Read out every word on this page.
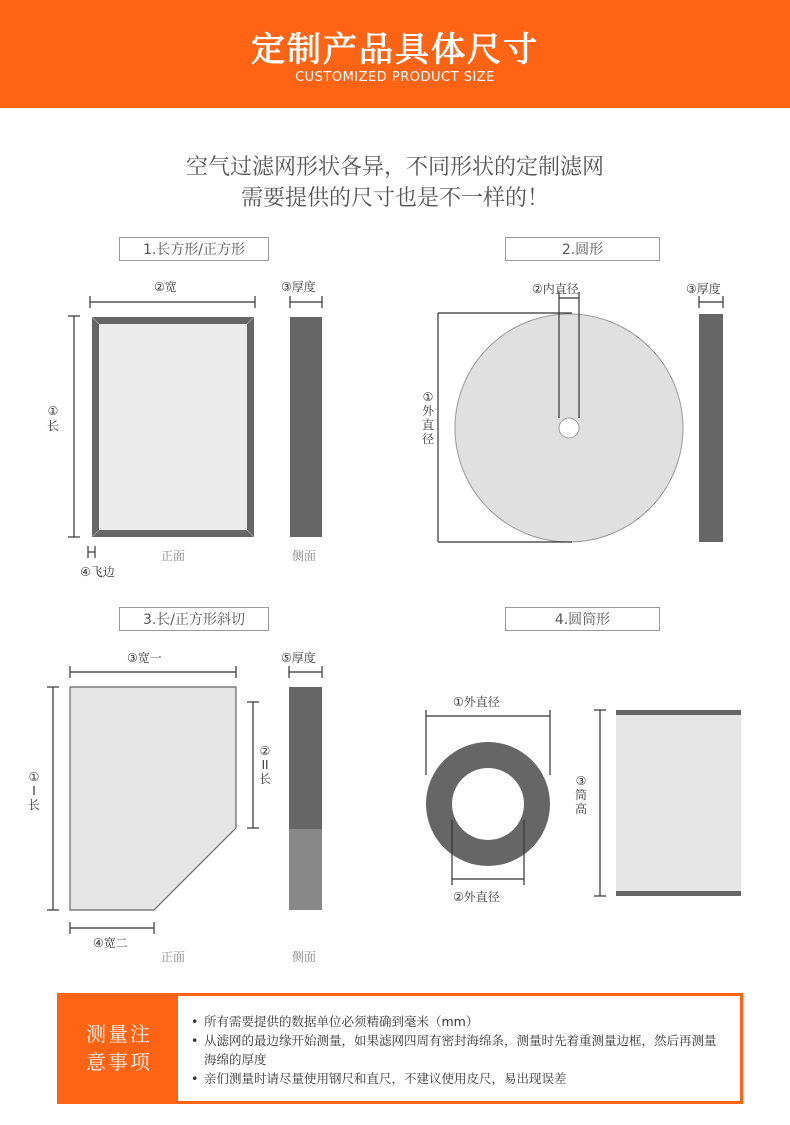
定制产品具体尺寸
CUSTOMIZED PRODUCT SIZE
空气过滤网形状各异，不同形状的定制滤网
需要提供的尺寸也是不一样的！
1.长方形/正方形	2.圆形
3.长/正方形斜切	4.圆筒形
②宽	③厚度
①
长
④飞边
正面	侧面
②内直径	③厚度
①
外直径
③宽一	⑤厚度
①
I 长
②
II 长
④宽二
正面	侧面
①外直径
②外直径
③
筒高
测量注
意事项
• 所有需要提供的数据单位必须精确到毫米（mm）
• 从滤网的最边缘开始测量，如果滤网四周有密封海绵条，测量时先着重测量边框，然后再测量海绵的厚度
• 亲们测量时请尽量使用钢尺和直尺，不建议使用皮尺，易出现误差
